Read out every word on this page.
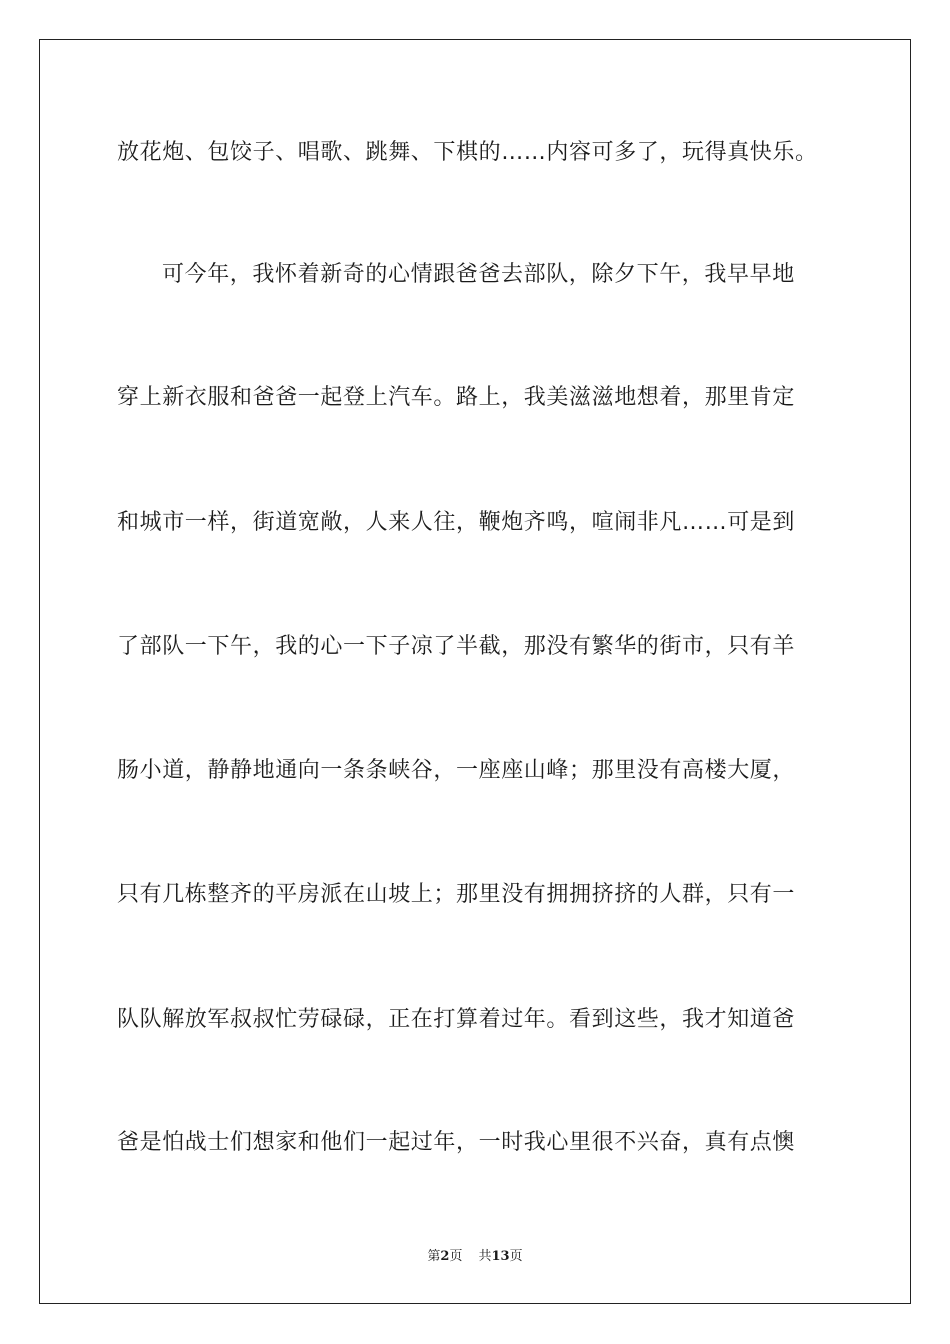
放花炮、包饺子、唱歌、跳舞、下棋的……内容可多了，玩得真快乐。
可今年，我怀着新奇的心情跟爸爸去部队，除夕下午，我早早地
穿上新衣服和爸爸一起登上汽车。路上，我美滋滋地想着，那里肯定
和城市一样，街道宽敞，人来人往，鞭炮齐鸣，喧闹非凡……可是到
了部队一下午，我的心一下子凉了半截，那没有繁华的街市，只有羊
肠小道，静静地通向一条条峡谷，一座座山峰；那里没有高楼大厦，
只有几栋整齐的平房派在山坡上；那里没有拥拥挤挤的人群，只有一
队队解放军叔叔忙劳碌碌，正在打算着过年。看到这些，我才知道爸
爸是怕战士们想家和他们一起过年，一时我心里很不兴奋，真有点懊
第2页 共13页
